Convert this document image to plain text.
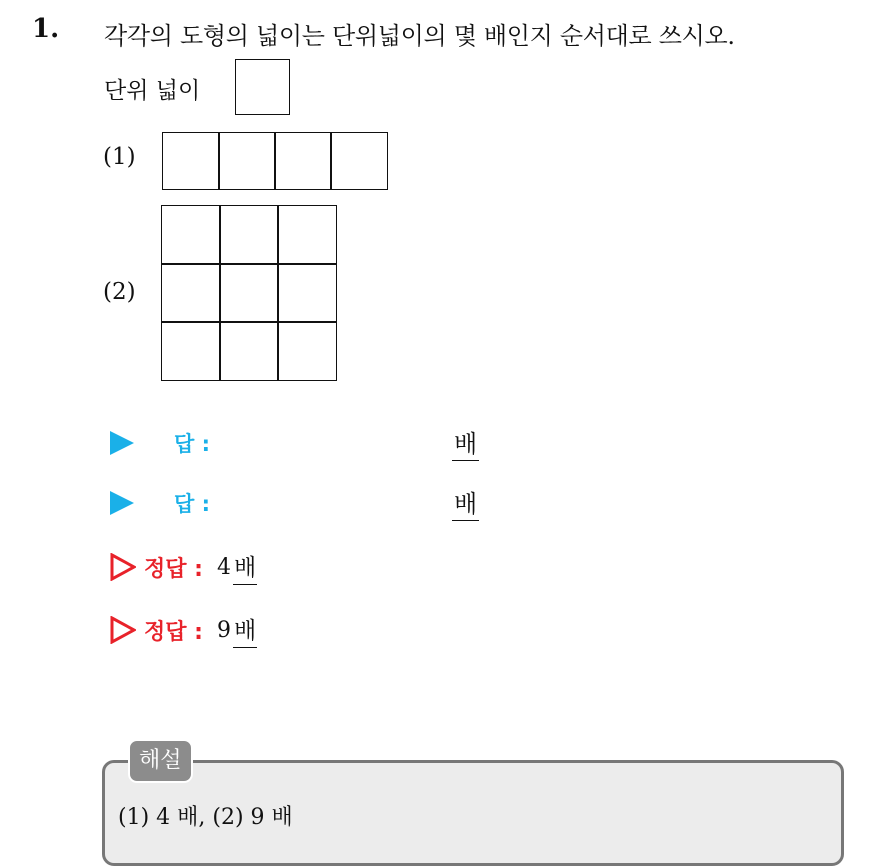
1. 각각의 도형의 넓이는 단위넓이의 몇 배인지 순서대로 쓰시오.
단위 넓이
(1)
(2)
답 :	배
답 :	배
정답 : 4 배
정답 : 9 배
해설
(1) 4 배, (2) 9 배
